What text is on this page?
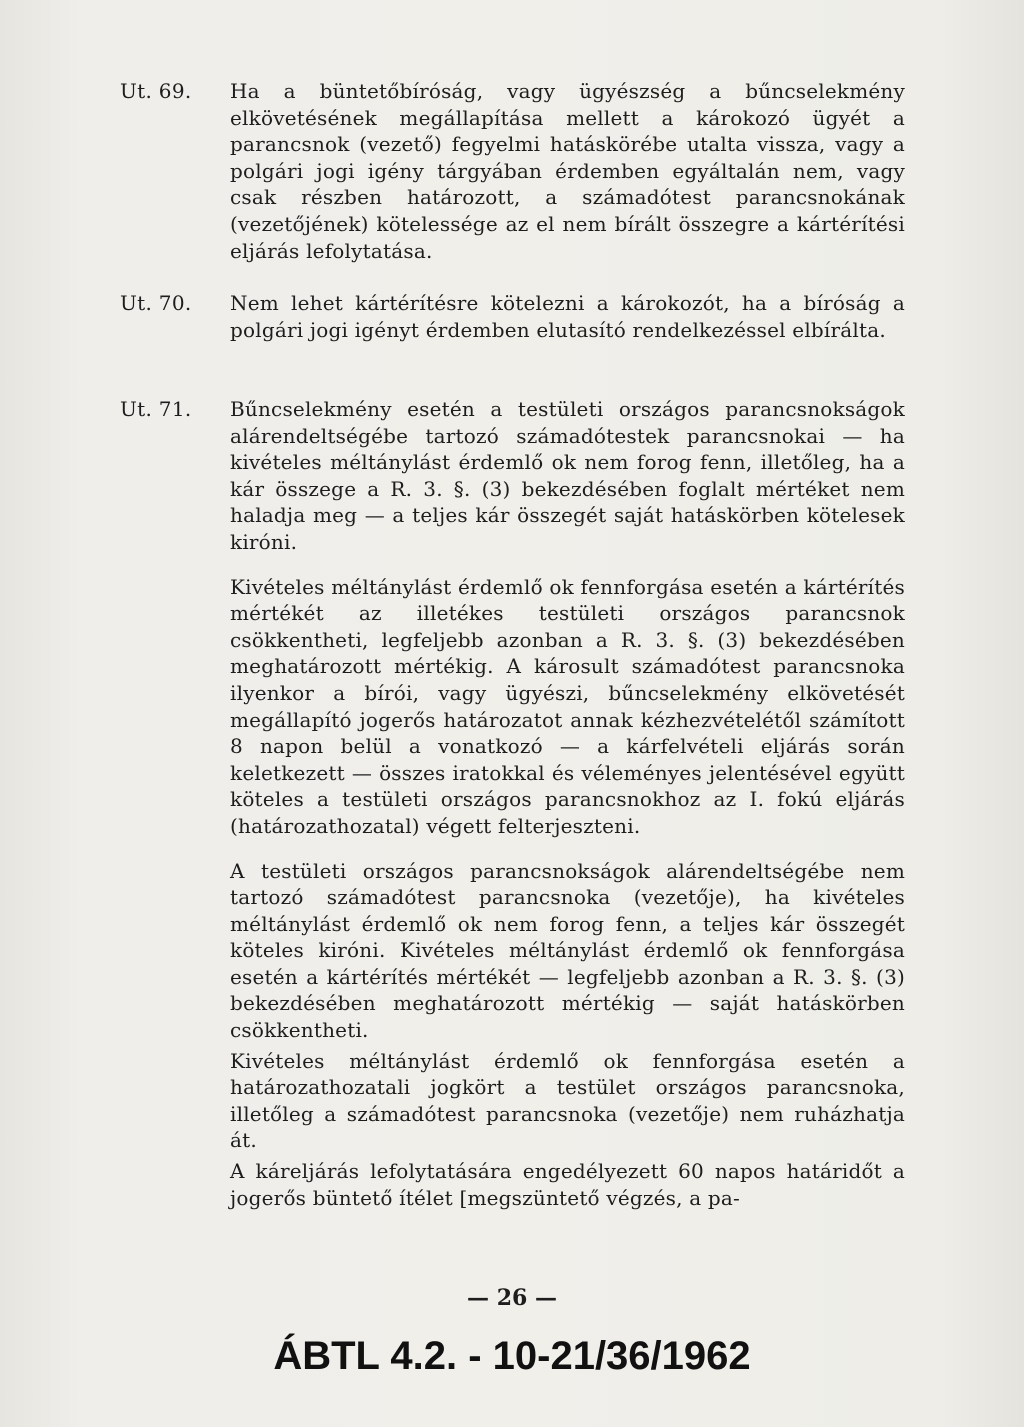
Ut. 69. Ha a büntetőbíróság, vagy ügyészség a bűncselekmény elkövetésének megállapítása mellett a károkozó ügyét a parancsnok (vezető) fegyelmi hatáskörébe utalta vissza, vagy a polgári jogi igény tárgyában érdemben egyáltalán nem, vagy csak részben határozott, a számadótest parancsnokának (vezetőjének) kötelessége az el nem bírált összegre a kártérítési eljárás lefolytatása.

Ut. 70. Nem lehet kártérítésre kötelezni a károkozót, ha a bíróság a polgári jogi igényt érdemben elutasító rendelkezéssel elbírálta.

Ut. 71. Bűncselekmény esetén a testületi országos parancsnokságok alárendeltségébe tartozó számadótestek parancsnokai — ha kivételes méltánylást érdemlő ok nem forog fenn, illetőleg, ha a kár összege a R. 3. §. (3) bekezdésében foglalt mértéket nem haladja meg — a teljes kár összegét saját hatáskörben kötelesek kiróni.

Kivételes méltánylást érdemlő ok fennforgása esetén a kártérítés mértékét az illetékes testületi országos parancsnok csökkentheti, legfeljebb azonban a R. 3. §. (3) bekezdésében meghatározott mértékig. A károsult számadótest parancsnoka ilyenkor a bírói, vagy ügyészi, bűncselekmény elkövetését megállapító jogerős határozatot annak kézhezvételétől számított 8 napon belül a vonatkozó — a kárfelvételi eljárás során keletkezett — összes iratokkal és véleményes jelentésével együtt köteles a testületi országos parancsnokhoz az I. fokú eljárás (határozathozatal) végett felterjeszteni.

A testületi országos parancsnokságok alárendeltségébe nem tartozó számadótest parancsnoka (vezetője), ha kivételes méltánylást érdemlő ok nem forog fenn, a teljes kár összegét köteles kiróni. Kivételes méltánylást érdemlő ok fennforgása esetén a kártérítés mértékét — legfeljebb azonban a R. 3. §. (3) bekezdésében meghatározott mértékig — saját hatáskörben csökkentheti.

Kivételes méltánylást érdemlő ok fennforgása esetén a határozathozatali jogkört a testület országos parancsnoka, illetőleg a számadótest parancsnoka (vezetője) nem ruházhatja át.

A káreljárás lefolytatására engedélyezett 60 napos határidőt a jogerős büntető ítélet [megszüntető végzés, a pa-

— 26 —
ÁBTL 4.2. - 10-21/36/1962
